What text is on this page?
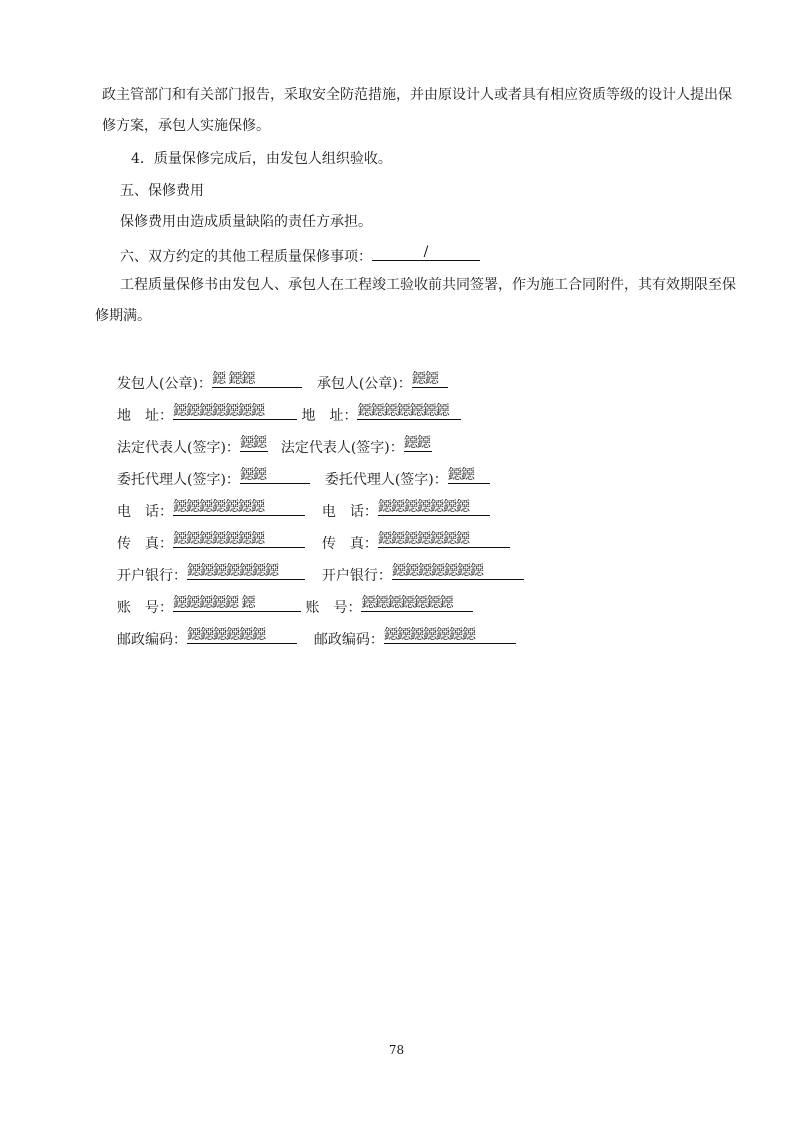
政主管部门和有关部门报告，采取安全防范措施，并由原设计人或者具有相应资质等级的设计人提出保
修方案，承包人实施保修。
4．质量保修完成后，由发包人组织验收。
五、保修费用
保修费用由造成质量缺陷的责任方承担。
六、双方约定的其他工程质量保修事项：	/
工程质量保修书由发包人、承包人在工程竣工验收前共同签署，作为施工合同附件，其有效期限至保
修期满。
发包人(公章)：鐚 鐚鐚	承包人(公章)：鐚鐚
地　址：鐚鐚鐚鐚鐚鐚鐚	地　址：鐚鐚鐚鐚鐚鐚鐚
法定代表人(签字)：鐚鐚 法定代表人(签字)：鐚鐚
委托代理人(签字)：鐚鐚	委托代理人(签字)：鐚鐚
电　话：鐚鐚鐚鐚鐚鐚鐚	电　话：鐚鐚鐚鐚鐚鐚鐚
传　真：鐚鐚鐚鐚鐚鐚鐚	传　真：鐚鐚鐚鐚鐚鐚鐚
开户银行：鐚鐚鐚鐚鐚鐚鐚	开户银行：鐚鐚鐚鐚鐚鐚鐚
账　号：鐚鐚鐚鐚鐚 鐚	账　号：鐚鐚鐚鐚鐚鐚鐚
邮政编码：鐚鐚鐚鐚鐚鐚	邮政编码：鐚鐚鐚鐚鐚鐚鐚
78
